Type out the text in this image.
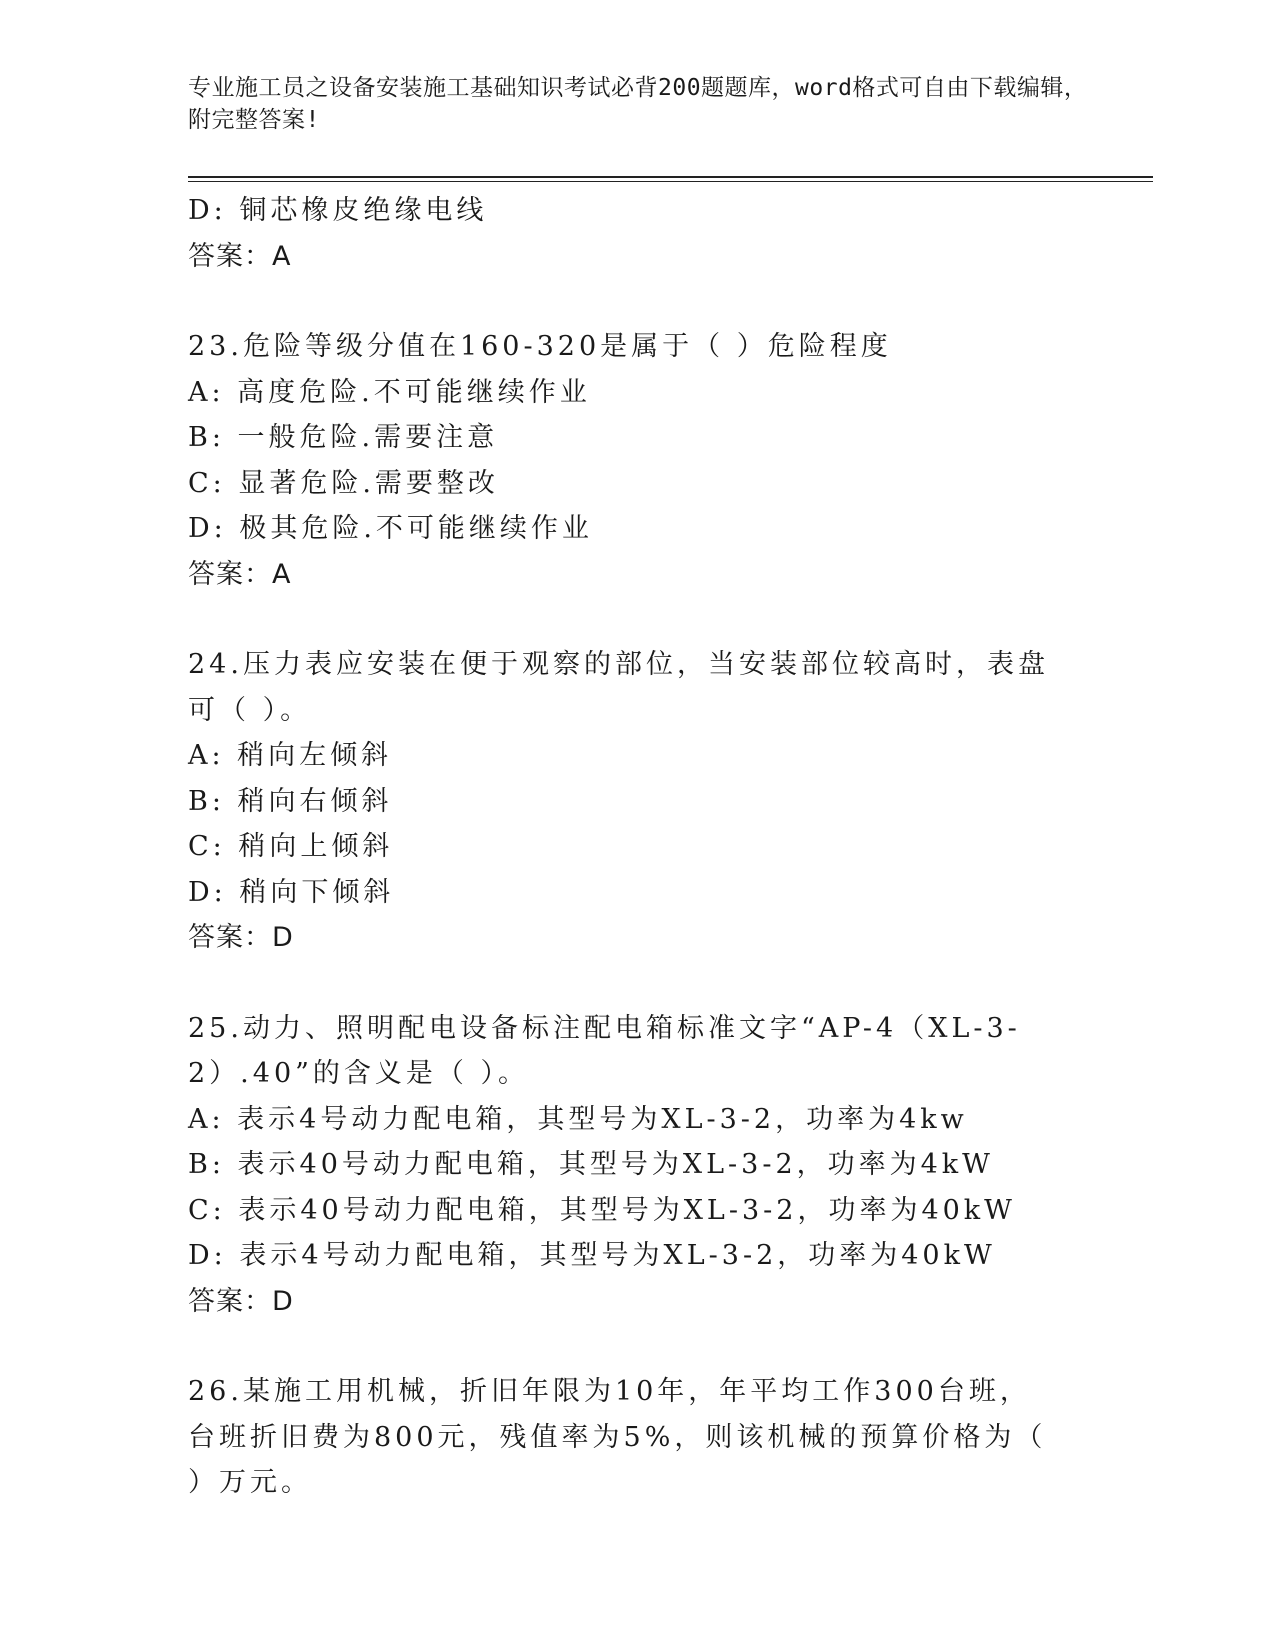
专业施工员之设备安装施工基础知识考试必背200题题库，word格式可自由下载编辑，附完整答案!
D: 铜芯橡皮绝缘电线
答案：A
23.危险等级分值在160-320是属于（ ）危险程度
A: 高度危险.不可能继续作业
B: 一般危险.需要注意
C: 显著危险.需要整改
D: 极其危险.不可能继续作业
答案：A
24.压力表应安装在便于观察的部位，当安装部位较高时，表盘可（ ）。
A: 稍向左倾斜
B: 稍向右倾斜
C: 稍向上倾斜
D: 稍向下倾斜
答案：D
25.动力、照明配电设备标注配电箱标准文字“AP-4（XL-3-2）.40”的含义是（ ）。
A: 表示4号动力配电箱，其型号为XL-3-2，功率为4kw
B: 表示40号动力配电箱，其型号为XL-3-2，功率为4kW
C: 表示40号动力配电箱，其型号为XL-3-2，功率为40kW
D: 表示4号动力配电箱，其型号为XL-3-2，功率为40kW
答案：D
26.某施工用机械，折旧年限为10年，年平均工作300台班，台班折旧费为800元，残值率为5%，则该机械的预算价格为（ ）万元。
